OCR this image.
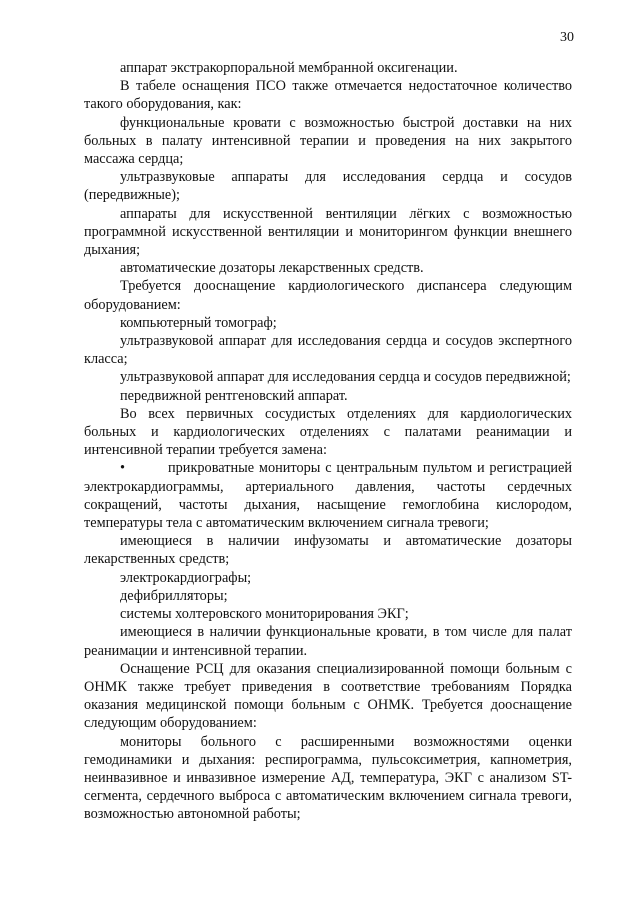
30

аппарат экстракорпоральной мембранной оксигенации.

В табеле оснащения ПСО также отмечается недостаточное количество такого оборудования, как:

функциональные кровати с возможностью быстрой доставки на них больных в палату интенсивной терапии и проведения на них закрытого массажа сердца;

ультразвуковые аппараты для исследования сердца и сосудов (передвижные);

аппараты для искусственной вентиляции лёгких с возможностью программной искусственной вентиляции и мониторингом функции внешнего дыхания;

автоматические дозаторы лекарственных средств.

Требуется дооснащение кардиологического диспансера следующим оборудованием:

компьютерный томограф;

ультразвуковой аппарат для исследования сердца и сосудов экспертного класса;

ультразвуковой аппарат для исследования сердца и сосудов передвижной;

передвижной рентгеновский аппарат.

Во всех первичных сосудистых отделениях для кардиологических больных и кардиологических отделениях с палатами реанимации и интенсивной терапии требуется замена:

•	прикроватные мониторы с центральным пультом и регистрацией электрокардиограммы, артериального давления, частоты сердечных сокращений, частоты дыхания, насыщение гемоглобина кислородом, температуры тела с автоматическим включением сигнала тревоги;

имеющиеся в наличии инфузоматы и автоматические дозаторы лекарственных средств;

электрокардиографы;

дефибрилляторы;

системы холтеровского мониторирования ЭКГ;

имеющиеся в наличии функциональные кровати, в том числе для палат реанимации и интенсивной терапии.

Оснащение РСЦ для оказания специализированной помощи больным с ОНМК также требует приведения в соответствие требованиям Порядка оказания медицинской помощи больным с ОНМК. Требуется дооснащение следующим оборудованием:

мониторы больного с расширенными возможностями оценки гемодинамики и дыхания: респирограмма, пульсоксиметрия, капнометрия, неинвазивное и инвазивное измерение АД, температура, ЭКГ с анализом ST-сегмента, сердечного выброса с автоматическим включением сигнала тревоги, возможностью автономной работы;
